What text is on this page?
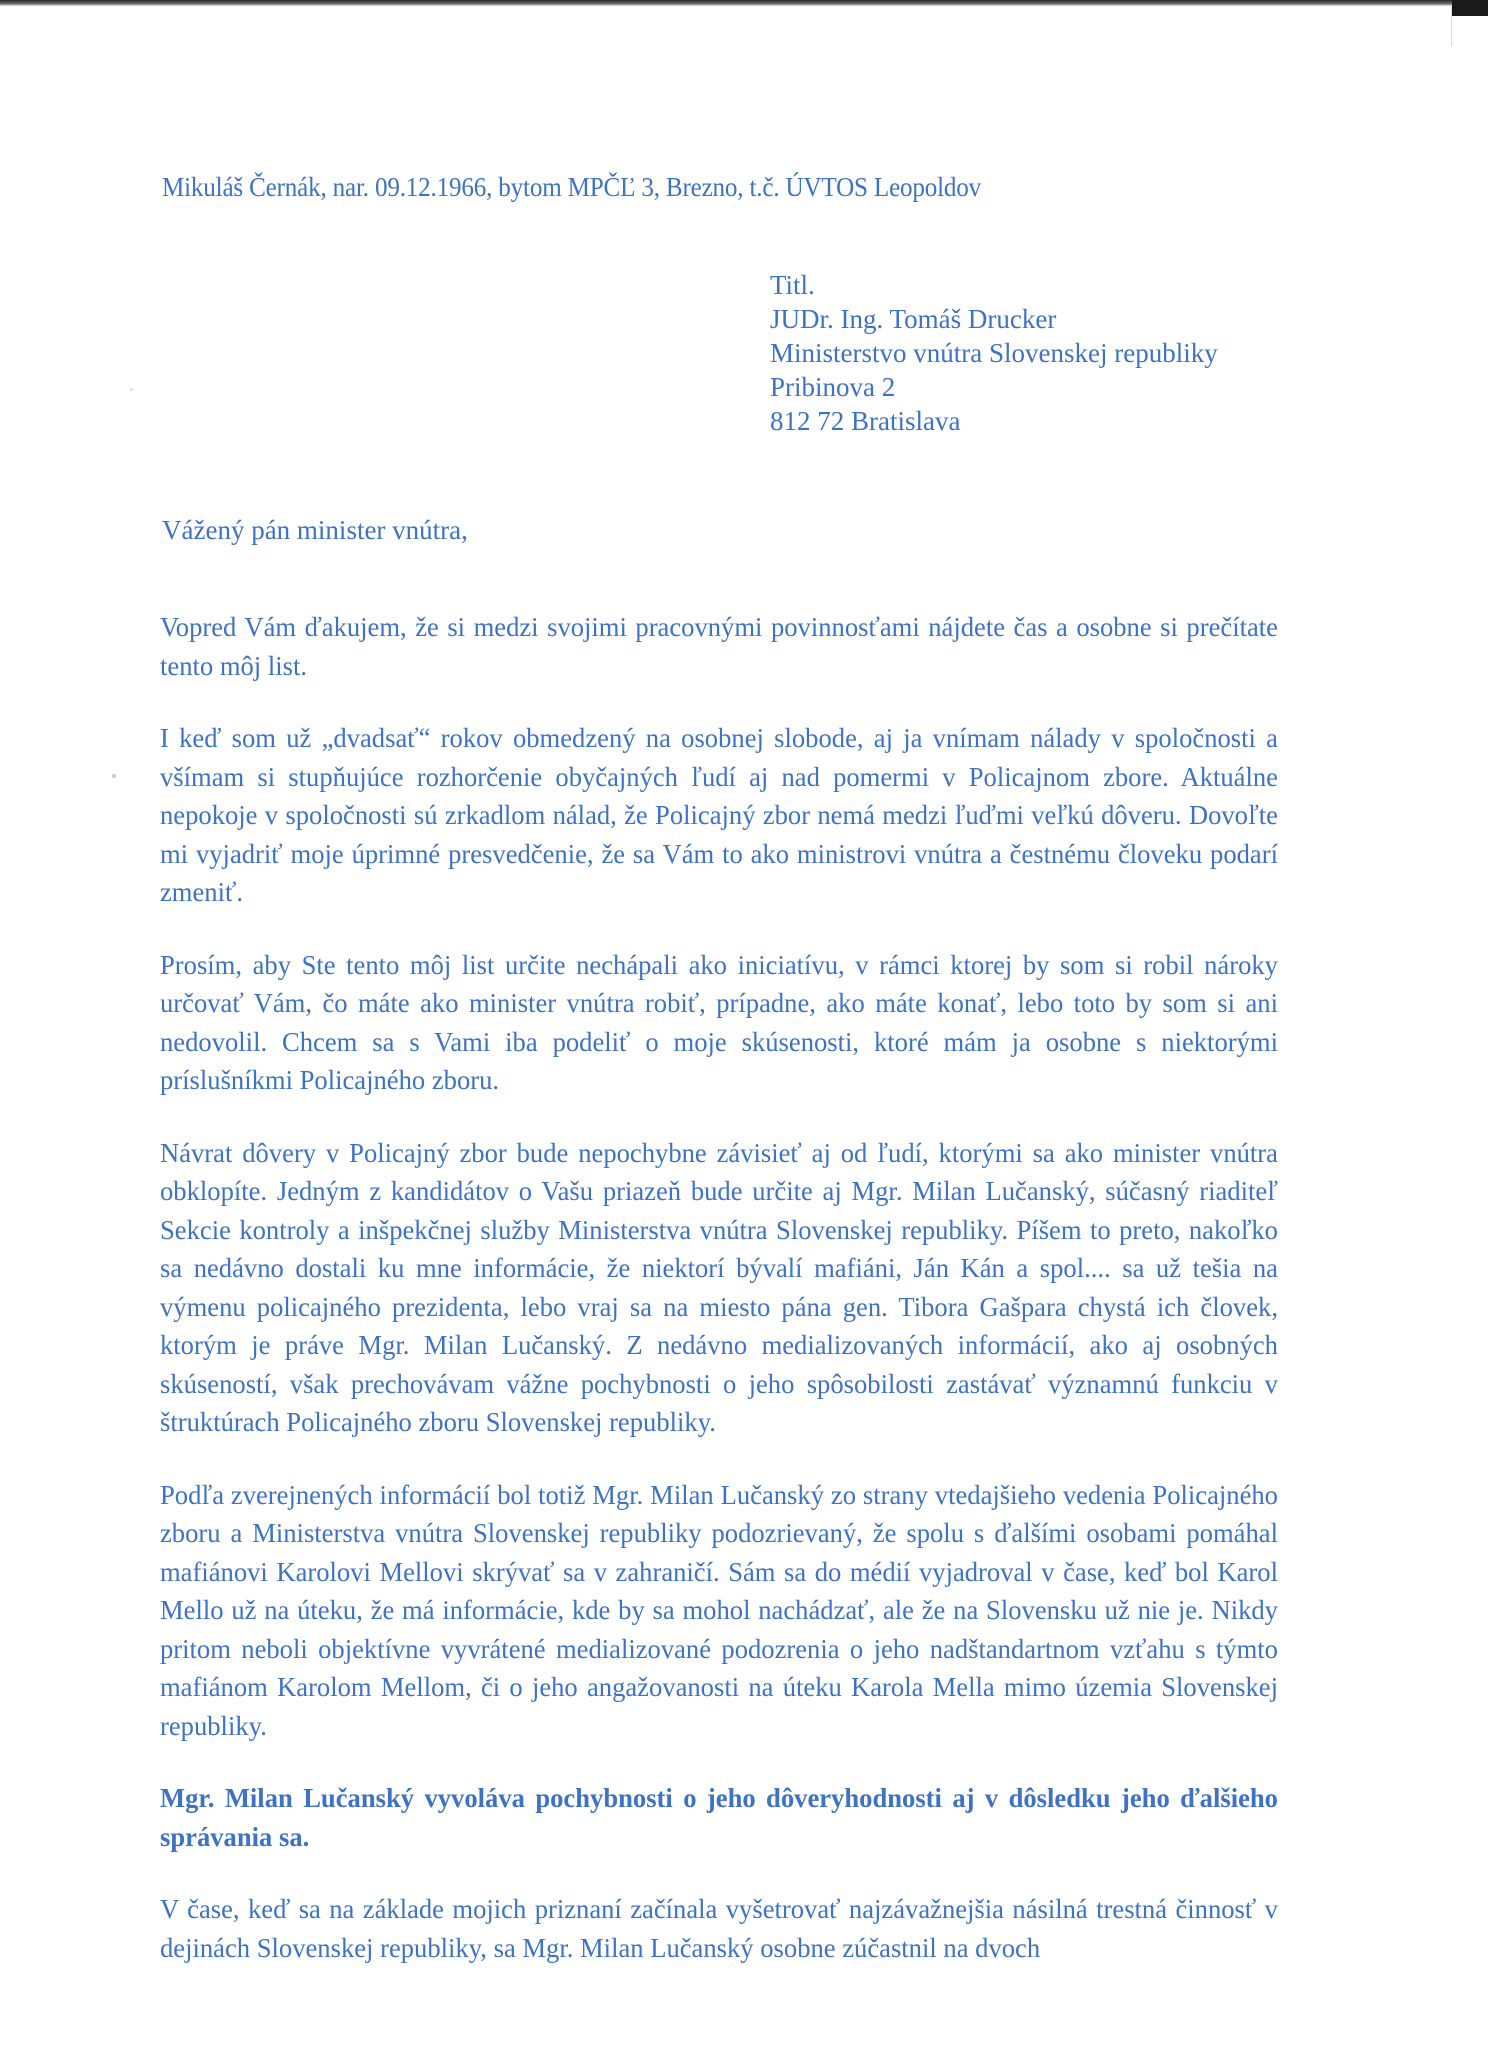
Mikuláš Černák, nar. 09.12.1966, bytom MPČĽ 3, Brezno, t.č. ÚVTOS Leopoldov
Titl.
JUDr. Ing. Tomáš Drucker
Ministerstvo vnútra Slovenskej republiky
Pribinova 2
812 72 Bratislava
Vážený pán minister vnútra,

Vopred Vám ďakujem, že si medzi svojimi pracovnými povinnosťami nájdete čas a osobne si prečítate tento môj list.

I keď som už „dvadsať“ rokov obmedzený na osobnej slobode, aj ja vnímam nálady v spoločnosti a všímam si stupňujúce rozhorčenie obyčajných ľudí aj nad pomermi v Policajnom zbore. Aktuálne nepokoje v spoločnosti sú zrkadlom nálad, že Policajný zbor nemá medzi ľuďmi veľkú dôveru. Dovoľte mi vyjadriť moje úprimné presvedčenie, že sa Vám to ako ministrovi vnútra a čestnému človeku podarí zmeniť.

Prosím, aby Ste tento môj list určite nechápali ako iniciatívu, v rámci ktorej by som si robil nároky určovať Vám, čo máte ako minister vnútra robiť, prípadne, ako máte konať, lebo toto by som si ani nedovolil. Chcem sa s Vami iba podeliť o moje skúsenosti, ktoré mám ja osobne s niektorými príslušníkmi Policajného zboru.

Návrat dôvery v Policajný zbor bude nepochybne závisieť aj od ľudí, ktorými sa ako minister vnútra obklopíte. Jedným z kandidátov o Vašu priazeň bude určite aj Mgr. Milan Lučanský, súčasný riaditeľ Sekcie kontroly a inšpekčnej služby Ministerstva vnútra Slovenskej republiky. Píšem to preto, nakoľko sa nedávno dostali ku mne informácie, že niektorí bývalí mafiáni, Ján Kán a spol.... sa už tešia na výmenu policajného prezidenta, lebo vraj sa na miesto pána gen. Tibora Gašpara chystá ich človek, ktorým je práve Mgr. Milan Lučanský. Z nedávno medializovaných informácií, ako aj osobných skúseností, však prechovávam vážne pochybnosti o jeho spôsobilosti zastávať významnú funkciu v štruktúrach Policajného zboru Slovenskej republiky.

Podľa zverejnených informácií bol totiž Mgr. Milan Lučanský zo strany vtedajšieho vedenia Policajného zboru a Ministerstva vnútra Slovenskej republiky podozrievaný, že spolu s ďalšími osobami pomáhal mafiánovi Karolovi Mellovi skrývať sa v zahraničí. Sám sa do médií vyjadroval v čase, keď bol Karol Mello už na úteku, že má informácie, kde by sa mohol nachádzať, ale že na Slovensku už nie je. Nikdy pritom neboli objektívne vyvrátené medializované podozrenia o jeho nadštandartnom vzťahu s týmto mafiánom Karolom Mellom, či o jeho angažovanosti na úteku Karola Mella mimo územia Slovenskej republiky.

Mgr. Milan Lučanský vyvoláva pochybnosti o jeho dôveryhodnosti aj v dôsledku jeho ďalšieho správania sa.

V čase, keď sa na základe mojich priznaní začínala vyšetrovať najzávažnejšia násilná trestná činnosť v dejinách Slovenskej republiky, sa Mgr. Milan Lučanský osobne zúčastnil na dvoch
